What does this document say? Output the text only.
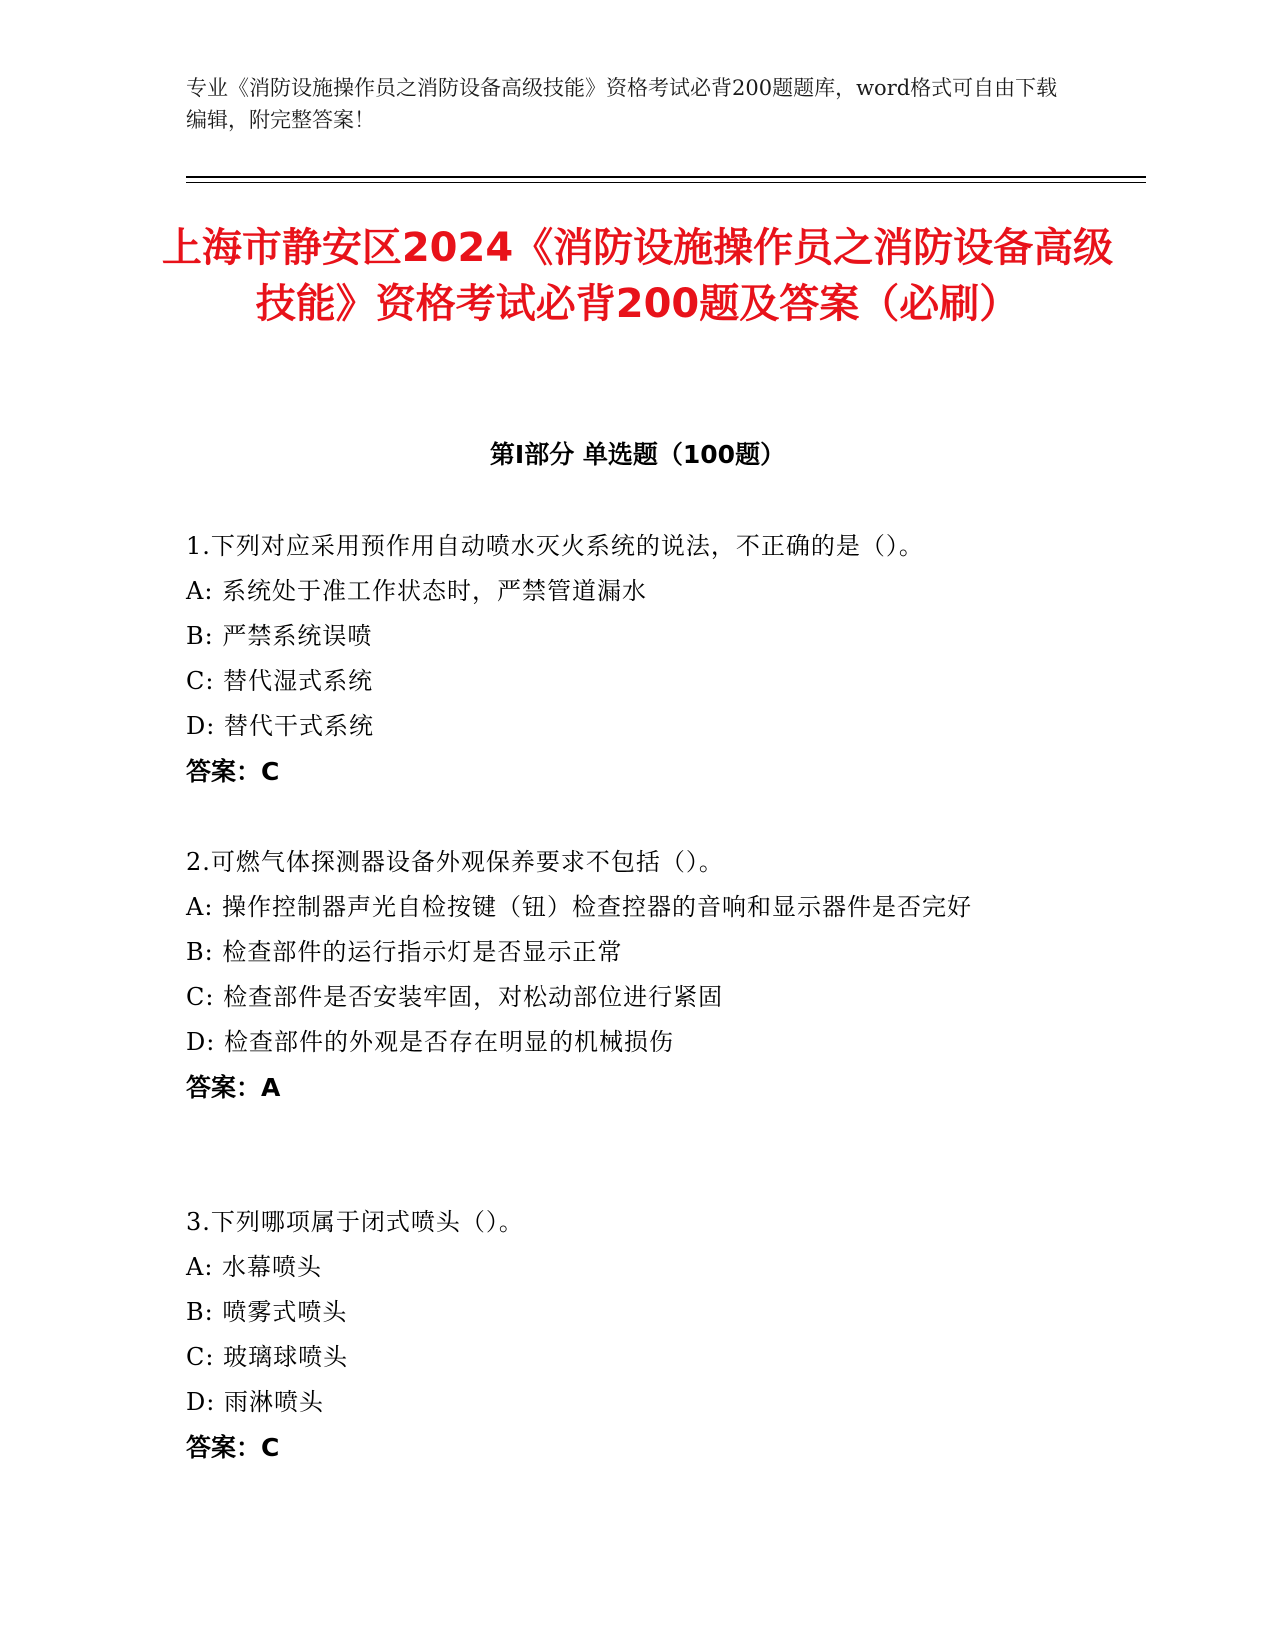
专业《消防设施操作员之消防设备高级技能》资格考试必背200题题库，word格式可自由下载编辑，附完整答案！
上海市静安区2024《消防设施操作员之消防设备高级技能》资格考试必背200题及答案（必刷）
第Ⅰ部分 单选题（100题）
1.下列对应采用预作用自动喷水灭火系统的说法，不正确的是（）。
A: 系统处于准工作状态时，严禁管道漏水
B: 严禁系统误喷
C: 替代湿式系统
D: 替代干式系统
答案：C
2.可燃气体探测器设备外观保养要求不包括（）。
A: 操作控制器声光自检按键（钮）检查控器的音响和显示器件是否完好
B: 检查部件的运行指示灯是否显示正常
C: 检查部件是否安装牢固，对松动部位进行紧固
D: 检查部件的外观是否存在明显的机械损伤
答案：A
3.下列哪项属于闭式喷头（）。
A: 水幕喷头
B: 喷雾式喷头
C: 玻璃球喷头
D: 雨淋喷头
答案：C
